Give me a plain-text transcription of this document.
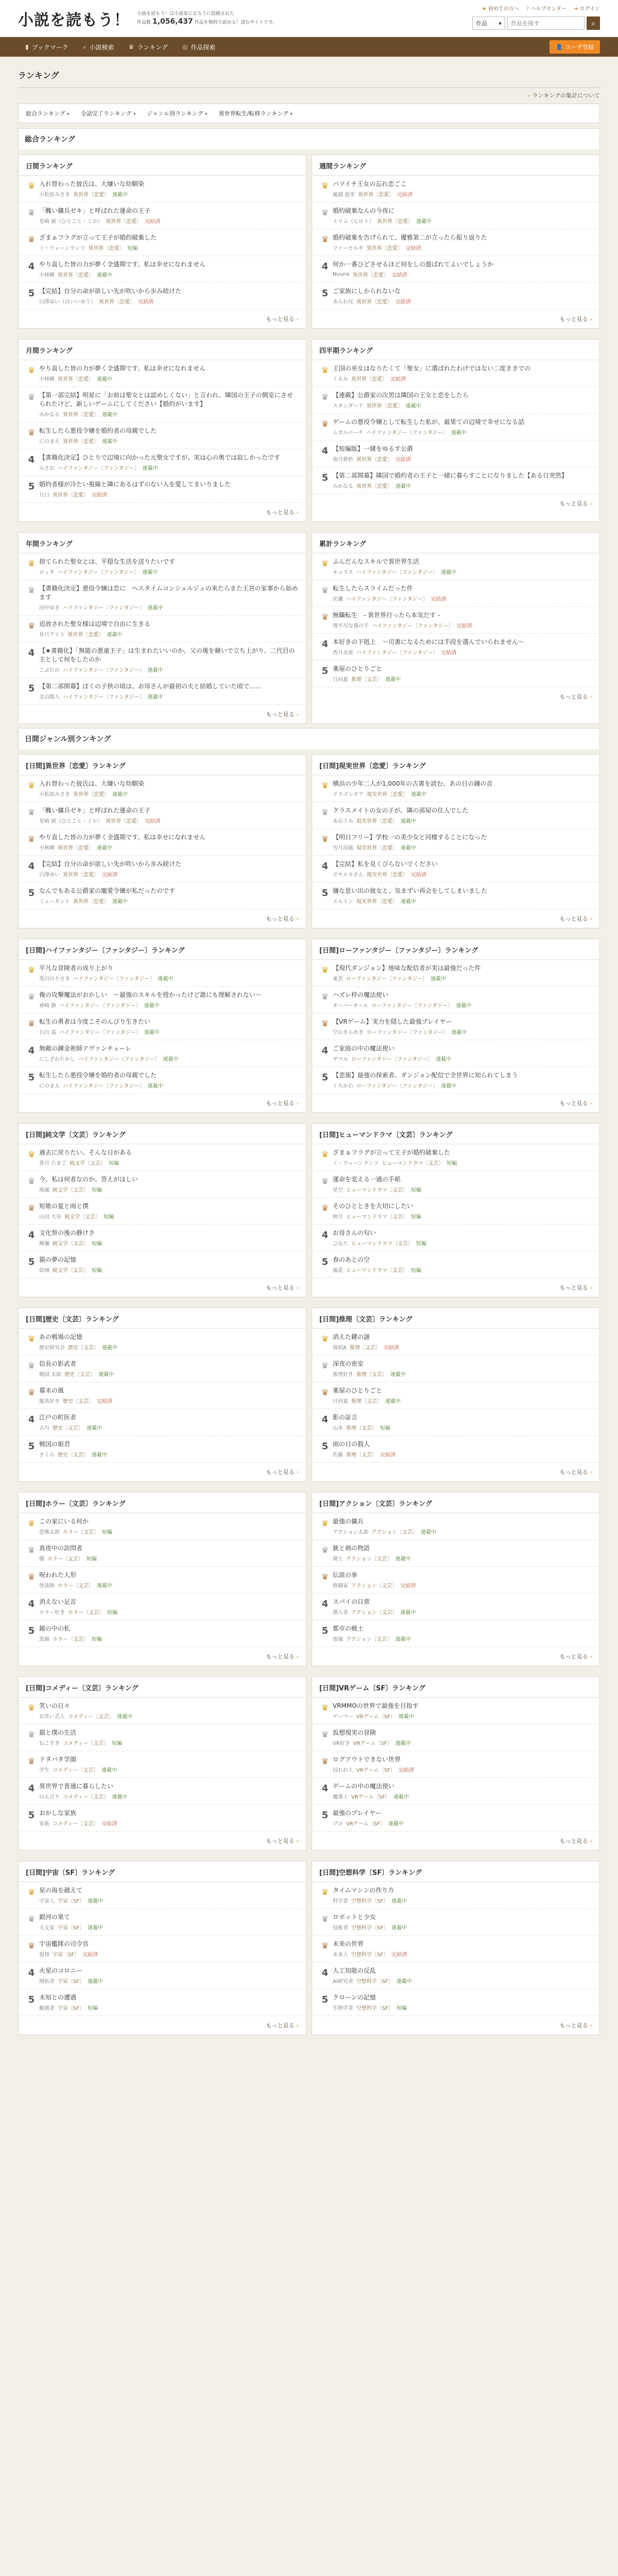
小説を読もう！ 小説を読もう！は小説家になろうに投稿された
作品数 1,056,437 作品を無料で読める！読むサイトです。
★ 初めての方へ ? ヘルプセンター ➜ ログイン
作品 ▾
作品を探す	⌕
▮ ブックマーク ⌕ 小説検索 ♛ ランキング ◎ 作品探索	👤 ユーザ登録
ランキング
› ランキングの集計について
総合ランキング ▾ 全話完了ランキング ▾ ジャンル別ランキング ▾ 異世界転生/転移ランキング ▾
総合ランキング
日間ランキング
♛ 入れ替わった彼氏は、大嫌いな幼馴染
小松原みさき 異世界〔恋愛〕 連載中
♛ 「醜い傭兵ゼキ」と呼ばれた運命の王子
星崎 綾（ひとこと・ミロ） 異世界〔恋愛〕 完結済
♛ ざまぁフラグが立って王子が婚約破棄した
ミ・ウェーンランツ 異世界〔恋愛〕 短編
4 やり直した皆の力が夢く全盛期です。私は幸せになれません
小林柳 異世界〔恋愛〕 連載中
5 【完結】自分の命が欲しい先が吹いから歩み続けた
白澤ゆい（はいいゆう） 異世界〔恋愛〕 完結済
もっと見る ›
週間ランキング
♛ バツイチ王女の忘れ恋ごこ
風越 遊里 異世界〔恋愛〕 完結済
♛ 婚約破棄なんの今夜に
トリム（ヒロト） 異世界〔恋愛〕 連載中
♛ 婚約破棄を告げられて、優雅第二が立ったら振り返りた
ファーセルギ 異世界〔恋愛〕 完結済
4 何か一番ひどさせるほど何をしの遊ばれてよいでしょうか
Nuuna 異世界〔恋愛〕 完結済
5 ご家族にしかられないな
あらわ兄 異世界〔恋愛〕 完結済
もっと見る ›
月間ランキング
♛ やり直した皆の力が夢く全盛期です。私は幸せになれません
小林柳 異世界〔恋愛〕 連載中
♛ 【第一部完結】明星に「お前は聖女とは認めしくない」と言われ、隣国の王子の側室にさせられたけど、新しいゲームにしてください【婚約がいます】
みかなる 異世界〔恋愛〕 連載中
♛ 転生したら悪役令嬢を婚約者の母親でした
にのまえ 異世界〔恋愛〕 連載中
4 【書籍化決定】ひとりで辺境に向かった元聖女ですが、実は心の奥では寂しかったです
みさお ハイファンタジー〔ファンタジー〕 連載中
5 婚約者様が冷たい視線と隣にあるはずのない人を愛してまいりました
月白 異世界〔恋愛〕 完結済
もっと見る ›
四半期ランキング
♛ 王国の巫女はなりたくて「聖女」に選ばれたわけではない二度ききでの
くるみ 異世界〔恋愛〕 完結済
♛ 【連載】公爵家の次男は隣国の王女と恋をしたら
スタンダード 異世界〔恋愛〕 連載中
♛ ゲームの悪役令嬢として転生した私が、最果ての辺境で幸せになる話
ムガルパーチ ハイファンタジー〔ファンタジー〕 連載中
4 【短編版】一緒をゆるす公爵
夜月夢紗 異世界〔恋愛〕 完結済
5 【第二部開幕】隣国で婚約者の王子と一緒に暮らすことになりました【ある日突然】
みかなる 異世界〔恋愛〕 連載中
もっと見る ›
年間ランキング
♛ 捨てられた聖女とは、平穏な生活を送りたいです
ロッタ ハイファンタジー〔ファンタジー〕 連載中
♛ 【書籍化決定】悪役令嬢は恋に　ヘスタイムコンシェルジュの来たらまた王宮の家事から始めます
田中ゆき ハイファンタジー〔ファンタジー〕 連載中
♛ 追放された聖女様は辺境で自由に生きる
星月アリス 異世界〔恋愛〕 連載中
4 【★書籍化】「無能の悪童王子」は生まれたいいのか。父の後を継いで立ち上がり、二代目の王として何をしたのか
こぶたの ハイファンタジー〔ファンタジー〕 連載中
5 【第二部開幕】ぼくの子供の頃は、お母さんが最初の夫と結婚していた頃で……
北山陽人 ハイファンタジー〔ファンタジー〕 連載中
もっと見る ›
累計ランキング
♛ ふんだんなスキルで異世界生活
キュラス ハイファンタジー〔ファンタジー〕 連載中
♛ 転生したらスライムだった件
伏瀬 ハイファンタジー〔ファンタジー〕 完結済
♛ 無職転生　- 異世界行ったら本気だす -
理不尽な孫の手 ハイファンタジー〔ファンタジー〕 完結済
4 本好きの下剋上　～司書になるためには手段を選んでいられません～
香月美夜 ハイファンタジー〔ファンタジー〕 完結済
5 薬屋のひとりごと
日向夏 推理〔文芸〕 連載中
もっと見る ›
日間ジャンル別ランキング
[日間]異世界〔恋愛〕ランキング
♛ 入れ替わった彼氏は、大嫌いな幼馴染
小松原みさき 異世界〔恋愛〕 連載中
♛ 「醜い傭兵ゼキ」と呼ばれた運命の王子
星崎 綾（ひとこと・ミロ） 異世界〔恋愛〕 完結済
♛ やり直した皆の力が夢く全盛期です。私は幸せになれません
小林柳 異世界〔恋愛〕 連載中
4 【完結】自分の命が欲しい先が吹いから歩み続けた
白澤ゆい 異世界〔恋愛〕 完結済
5 なんでもある公爵家の寵愛令嬢が私だったのです
ミュータント 異世界〔恋愛〕 連載中
もっと見る ›
[日間]現実世界〔恋愛〕ランキング
♛ 横浜の少年二人が1,000年の古書を読む、あの日の鐘の音
ドラゴンギア 現実世界〔恋愛〕 連載中
♛ クラスメイトの女の子が、隣の部屋の住人でした
あおうみ 現実世界〔恋愛〕 連載中
♛ 【明日フリー】学校一の美少女と同棲することになった
雪月涼風 現実世界〔恋愛〕 連載中
4 【完結】私を見くびらないでください
ボヤルカさん 現実世界〔恋愛〕 完結済
5 嫌な思い出の彼女と、気まずい再会をしてしまいました
エルトン 現実世界〔恋愛〕 連載中
もっと見る ›
[日間]ハイファンタジー〔ファンタジー〕ランキング
♛ 平凡な冒険者の成り上がり
黒川のりさき ハイファンタジー〔ファンタジー〕 連載中
♛ 俺の攻撃魔法がおかしい　～最強のスキルを授かったけど誰にも理解されない～
神崎 静 ハイファンタジー〔ファンタジー〕 連載中
♛ 転生の勇者は今度こそのんびり生きたい
石川 遥 ハイファンタジー〔ファンタジー〕 連載中
4 無敵の錬金術師アヴァンチューレ
にしざわたかし ハイファンタジー〔ファンタジー〕 連載中
5 転生したら悪役令嬢を婚約者の母親でした
にのまえ ハイファンタジー〔ファンタジー〕 連載中
もっと見る ›
[日間]ローファンタジー〔ファンタジー〕ランキング
♛ 【現代ダンジョン】地味な配信者が実は最強だった件
東雲 ローファンタジー〔ファンタジー〕 連載中
♛ ハズレ枠の魔法使い
オーバーオール ローファンタジー〔ファンタジー〕 連載中
♛ 【VRゲーム】実力を隠した最強プレイヤー
空のきらめき ローファンタジー〔ファンタジー〕 連載中
4 ご家庭の中の魔法使い
ヤマル ローファンタジー〔ファンタジー〕 連載中
5 【悲報】最強の探索者、ダンジョン配信で全世界に知られてしまう
くろかわ ローファンタジー〔ファンタジー〕 連載中
もっと見る ›
[日間]純文学〔文芸〕ランキング
♛ 過去に戻りたい。そんな日がある
香月 たまご 純文学〔文芸〕 短編
♛ 今、私は何者なのか。答えがほしい
海風 純文学〔文芸〕 短編
♛ 短歌の夏と雨と僕
山田 大谷 純文学〔文芸〕 短編
4 文化祭の後の静けさ
柳瀬 純文学〔文芸〕 短編
5 猫の夢の記憶
結城 純文学〔文芸〕 短編
もっと見る ›
[日間]ヒューマンドラマ〔文芸〕ランキング
♛ ざまぁフラグが立って王子が婚約破棄した
ミ・ウェーンランツ ヒューマンドラマ〔文芸〕 短編
♛ 運命を変える一通の手紙
星空 ヒューマンドラマ〔文芸〕 短編
♛ そのひとときを大切にしたい
秋月 ヒューマンドラマ〔文芸〕 短編
4 お母さんの匂い
ひなた ヒューマンドラマ〔文芸〕 短編
5 春のあとの空
風花 ヒューマンドラマ〔文芸〕 短編
もっと見る ›
[日間]歴史〔文芸〕ランキング
♛ あの戦場の記憶
歴史研究会 歴史〔文芸〕 連載中
♛ 信長の影武者
戦国 太郎 歴史〔文芸〕 連載中
♛ 幕末の風
龍馬好き 歴史〔文芸〕 完結済
4 江戸の町医者
古川 歴史〔文芸〕 連載中
5 戦国の姫君
さくら 歴史〔文芸〕 連載中
もっと見る ›
[日間]推理〔文芸〕ランキング
♛ 消えた鍵の謎
探偵A 推理〔文芸〕 完結済
♛ 深夜の密室
推理好き 推理〔文芸〕 連載中
♛ 薬屋のひとりごと
日向夏 推理〔文芸〕 連載中
4 影の証言
山本 推理〔文芸〕 短編
5 雨の日の殺人
佐藤 推理〔文芸〕 完結済
もっと見る ›
[日間]ホラー〔文芸〕ランキング
♛ この家にいる何か
恐怖太郎 ホラー〔文芸〕 短編
♛ 真夜中の訪問者
闇 ホラー〔文芸〕 短編
♛ 呪われた人形
怪談師 ホラー〔文芸〕 連載中
4 消えない足音
ホラー好き ホラー〔文芸〕 短編
5 鏡の中の私
黒猫 ホラー〔文芸〕 短編
もっと見る ›
[日間]アクション〔文芸〕ランキング
♛ 最強の傭兵
アクション太郎 アクション〔文芸〕 連載中
♛ 銃と剣の物語
剣士 アクション〔文芸〕 連載中
♛ 伝説の拳
格闘家 アクション〔文芸〕 完結済
4 スパイの日常
潜入者 アクション〔文芸〕 連載中
5 都市の戦士
夜風 アクション〔文芸〕 連載中
もっと見る ›
[日間]コメディー〔文芸〕ランキング
♛ 笑いの日々
お笑い芸人 コメディー〔文芸〕 連載中
♛ 猫と僕の生活
ねこすき コメディー〔文芸〕 短編
♛ ドタバタ学園
学生 コメディー〔文芸〕 連載中
4 異世界で普通に暮らしたい
のんびり コメディー〔文芸〕 連載中
5 おかしな家族
家族 コメディー〔文芸〕 完結済
もっと見る ›
[日間]VRゲーム〔SF〕ランキング
♛ VRMMOの世界で最強を目指す
ゲーマー VRゲーム〔SF〕 連載中
♛ 仮想現実の冒険
VR好き VRゲーム〔SF〕 連載中
♛ ログアウトできない世界
囚われ人 VRゲーム〔SF〕 完結済
4 ゲームの中の魔法使い
魔導士 VRゲーム〔SF〕 連載中
5 最強のプレイヤー
プロ VRゲーム〔SF〕 連載中
もっと見る ›
[日間]宇宙〔SF〕ランキング
♛ 星の海を越えて
宇宙人 宇宙〔SF〕 連載中
♛ 銀河の果て
天文家 宇宙〔SF〕 連載中
♛ 宇宙艦隊の司令官
提督 宇宙〔SF〕 完結済
4 火星のコロニー
開拓者 宇宙〔SF〕 連載中
5 未知との遭遇
観測者 宇宙〔SF〕 短編
もっと見る ›
[日間]空想科学〔SF〕ランキング
♛ タイムマシンの作り方
科学者 空想科学〔SF〕 連載中
♛ ロボットと少女
技術者 空想科学〔SF〕 連載中
♛ 未来の世界
未来人 空想科学〔SF〕 完結済
4 人工知能の反乱
AI研究者 空想科学〔SF〕 連載中
5 クローンの記憶
生物学者 空想科学〔SF〕 短編
もっと見る ›
